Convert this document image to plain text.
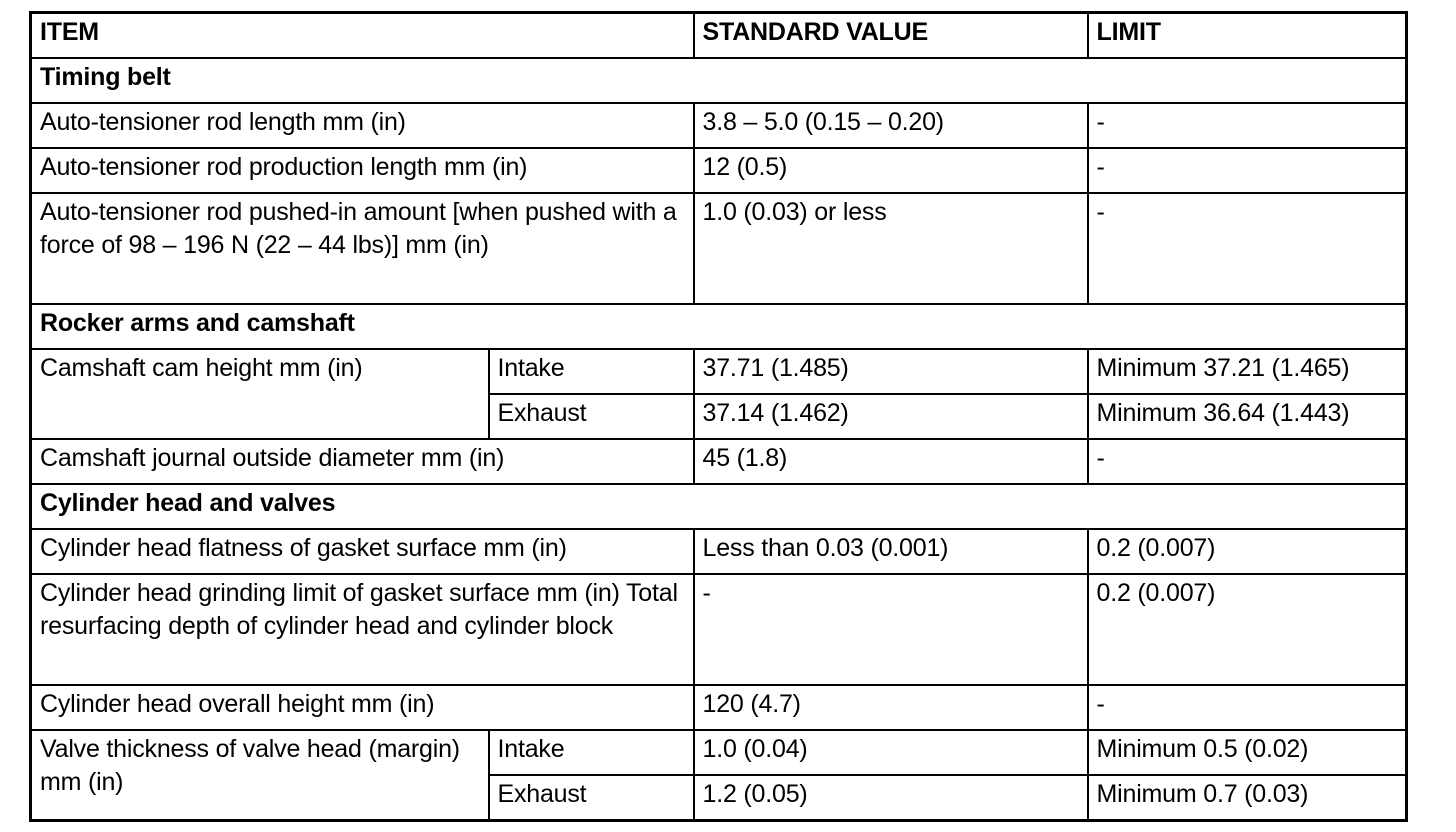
ITEM		STANDARD VALUE	LIMIT
Timing belt			
Auto-tensioner rod length mm (in)		3.8 – 5.0 (0.15 – 0.20)	-
Auto-tensioner rod production length mm (in)		12 (0.5)	-
Auto-tensioner rod pushed-in amount [when pushed with a force of 98 – 196 N (22 – 44 lbs)] mm (in)		1.0 (0.03) or less	-
Rocker arms and camshaft			
Camshaft cam height mm (in)	Intake	37.71 (1.485)	Minimum 37.21 (1.465)
	Exhaust	37.14 (1.462)	Minimum 36.64 (1.443)
Camshaft journal outside diameter mm (in)		45 (1.8)	-
Cylinder head and valves			
Cylinder head flatness of gasket surface mm (in)		Less than 0.03 (0.001)	0.2 (0.007)
Cylinder head grinding limit of gasket surface mm (in) Total resurfacing depth of cylinder head and cylinder block		-	0.2 (0.007)
Cylinder head overall height mm (in)		120 (4.7)	-
Valve thickness of valve head (margin) mm (in)	Intake	1.0 (0.04)	Minimum 0.5 (0.02)
	Exhaust	1.2 (0.05)	Minimum 0.7 (0.03)
